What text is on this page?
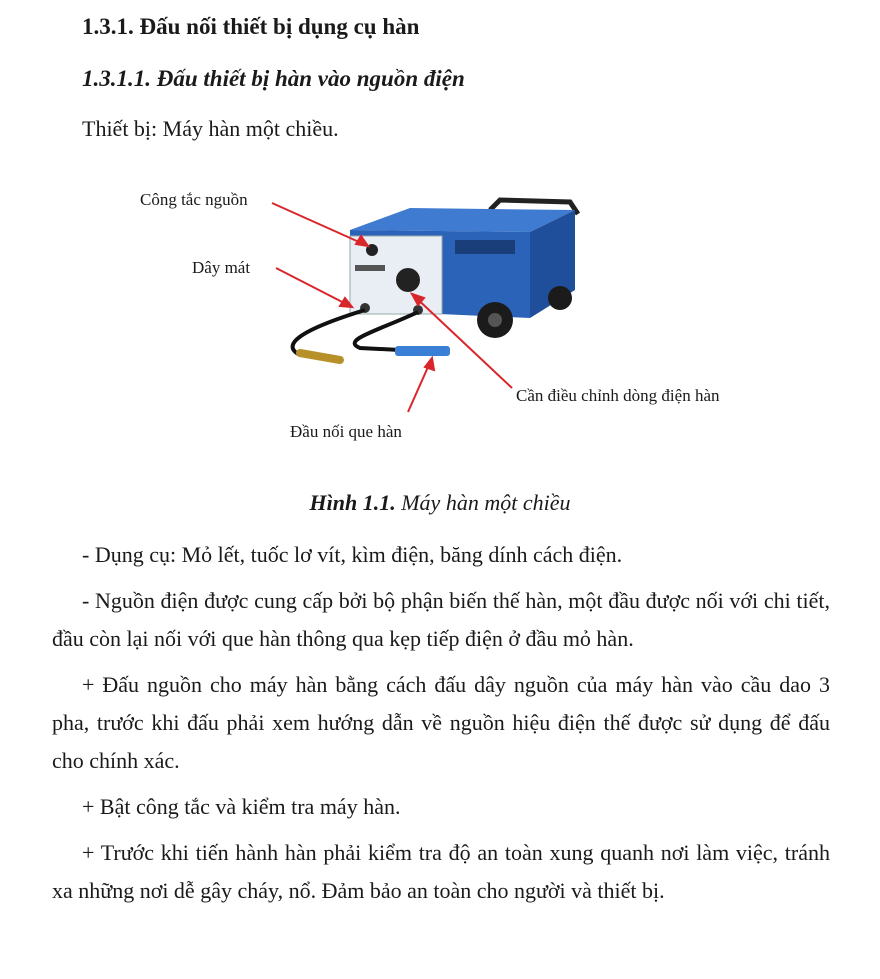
1.3.1. Đấu nối thiết bị dụng cụ hàn
1.3.1.1. Đấu thiết bị hàn vào nguồn điện
Thiết bị: Máy hàn một chiều.
Công tắc nguồn
Dây mát
Cần điều chỉnh dòng điện hàn
Đầu nối que hàn
Hình 1.1. Máy hàn một chiều

- Dụng cụ: Mỏ lết, tuốc lơ vít, kìm điện, băng dính cách điện.

- Nguồn điện được cung cấp bởi bộ phận biến thế hàn, một đầu được nối với chi tiết, đầu còn lại nối với que hàn thông qua kẹp tiếp điện ở đầu mỏ hàn.

+ Đấu nguồn cho máy hàn bằng cách đấu dây nguồn của máy hàn vào cầu dao 3 pha, trước khi đấu phải xem hướng dẫn về nguồn hiệu điện thế được sử dụng để đấu cho chính xác.

+ Bật công tắc và kiểm tra máy hàn.

+ Trước khi tiến hành hàn phải kiểm tra độ an toàn xung quanh nơi làm việc, tránh xa những nơi dễ gây cháy, nổ. Đảm bảo an toàn cho người và thiết bị.
